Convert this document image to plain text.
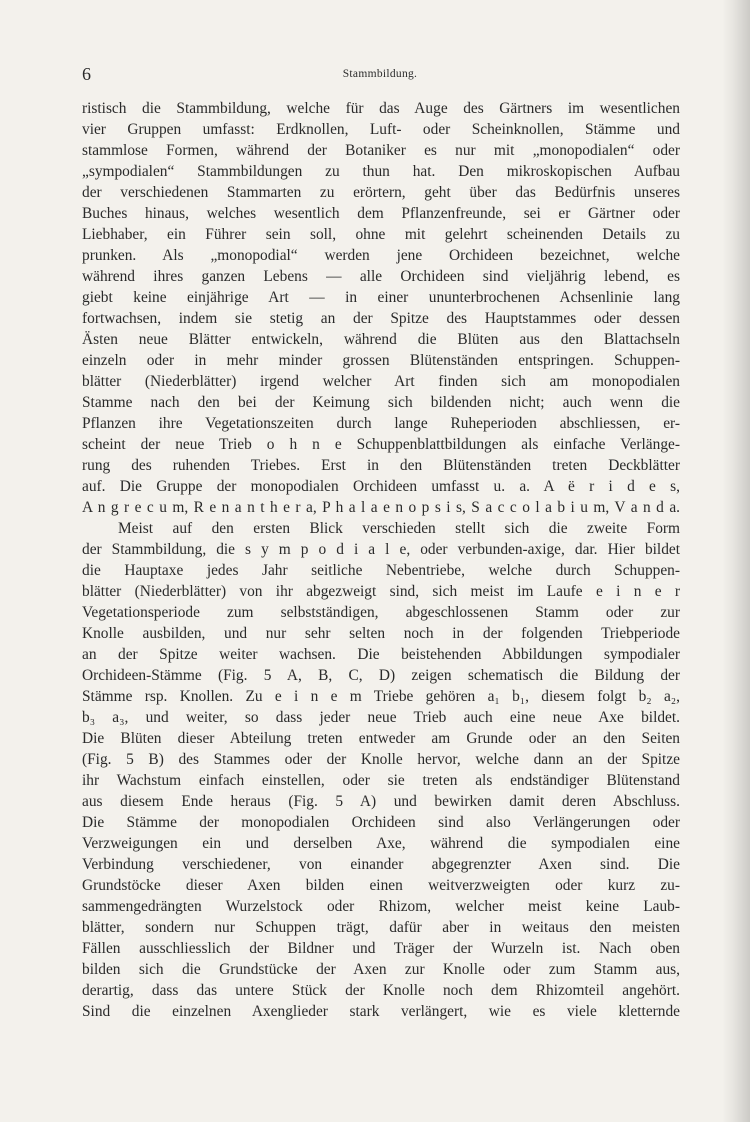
6	Stammbildung.
ristisch die Stammbildung, welche für das Auge des Gärtners im wesentlichen
vier Gruppen umfasst: Erdknollen, Luft- oder Scheinknollen, Stämme und
stammlose Formen, während der Botaniker es nur mit „monopodialen“ oder
„sympodialen“ Stammbildungen zu thun hat. Den mikroskopischen Aufbau
der verschiedenen Stammarten zu erörtern, geht über das Bedürfnis unseres
Buches hinaus, welches wesentlich dem Pflanzenfreunde, sei er Gärtner oder
Liebhaber, ein Führer sein soll, ohne mit gelehrt scheinenden Details zu
prunken. Als „monopodial“ werden jene Orchideen bezeichnet, welche
während ihres ganzen Lebens — alle Orchideen sind vieljährig lebend, es
giebt keine einjährige Art — in einer ununterbrochenen Achsenlinie lang
fortwachsen, indem sie stetig an der Spitze des Hauptstammes oder dessen
Ästen neue Blätter entwickeln, während die Blüten aus den Blattachseln
einzeln oder in mehr minder grossen Blütenständen entspringen. Schuppen-
blätter (Niederblätter) irgend welcher Art finden sich am monopodialen
Stamme nach den bei der Keimung sich bildenden nicht; auch wenn die
Pflanzen ihre Vegetationszeiten durch lange Ruheperioden abschliessen, er-
scheint der neue Trieb o h n e Schuppenblattbildungen als einfache Verlänge-
rung des ruhenden Triebes. Erst in den Blütenständen treten Deckblätter
auf. Die Gruppe der monopodialen Orchideen umfasst u. a. A ë r i d e s,
A n g r e c u m, R e n a n t h e r a, P h a l a e n o p s i s, S a c c o l a b i u m, V a n d a.
Meist auf den ersten Blick verschieden stellt sich die zweite Form
der Stammbildung, die s y m p o d i a l e, oder verbunden-axige, dar. Hier bildet
die Hauptaxe jedes Jahr seitliche Nebentriebe, welche durch Schuppen-
blätter (Niederblätter) von ihr abgezweigt sind, sich meist im Laufe e i n e r
Vegetationsperiode zum selbstständigen, abgeschlossenen Stamm oder zur
Knolle ausbilden, und nur sehr selten noch in der folgenden Triebperiode
an der Spitze weiter wachsen. Die beistehenden Abbildungen sympodialer
Orchideen-Stämme (Fig. 5 A, B, C, D) zeigen schematisch die Bildung der
Stämme rsp. Knollen. Zu e i n e m Triebe gehören a₁ b₁, diesem folgt b₂ a₂,
b₃ a₃, und weiter, so dass jeder neue Trieb auch eine neue Axe bildet.
Die Blüten dieser Abteilung treten entweder am Grunde oder an den Seiten
(Fig. 5 B) des Stammes oder der Knolle hervor, welche dann an der Spitze
ihr Wachstum einfach einstellen, oder sie treten als endständiger Blütenstand
aus diesem Ende heraus (Fig. 5 A) und bewirken damit deren Abschluss.
Die Stämme der monopodialen Orchideen sind also Verlängerungen oder
Verzweigungen ein und derselben Axe, während die sympodialen eine
Verbindung verschiedener, von einander abgegrenzter Axen sind. Die
Grundstöcke dieser Axen bilden einen weitverzweigten oder kurz zu-
sammengedrängten Wurzelstock oder Rhizom, welcher meist keine Laub-
blätter, sondern nur Schuppen trägt, dafür aber in weitaus den meisten
Fällen ausschliesslich der Bildner und Träger der Wurzeln ist. Nach oben
bilden sich die Grundstücke der Axen zur Knolle oder zum Stamm aus,
derartig, dass das untere Stück der Knolle noch dem Rhizomteil angehört.
Sind die einzelnen Axenglieder stark verlängert, wie es viele kletternde
